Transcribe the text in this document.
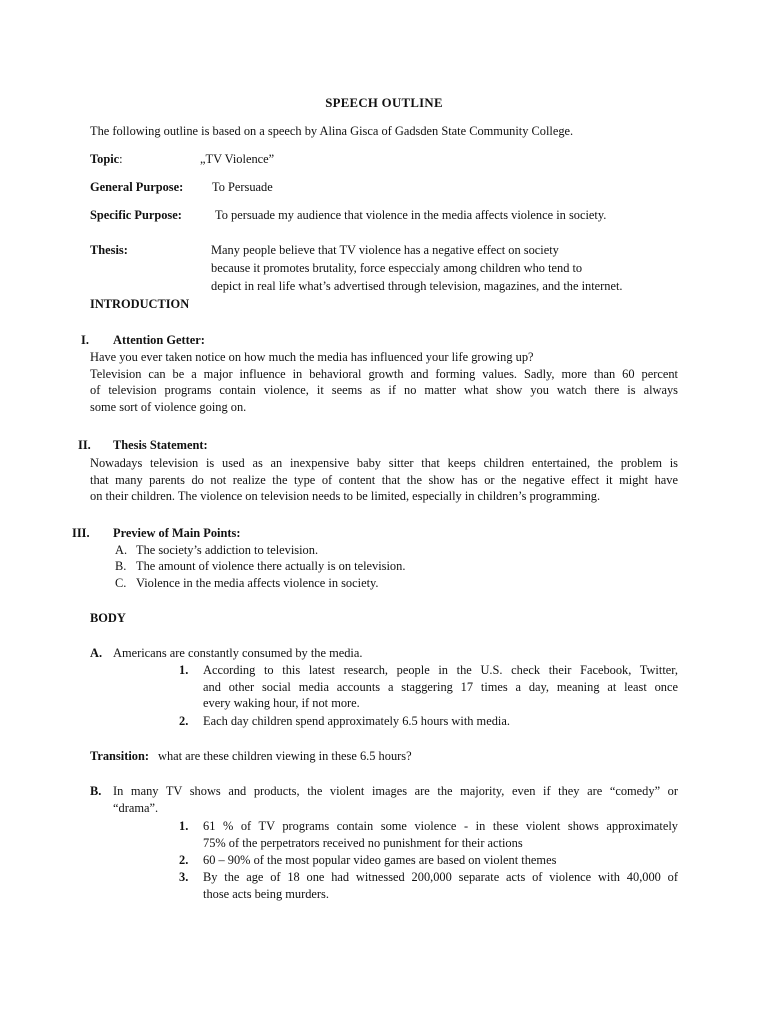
SPEECH OUTLINE
The following outline is based on a speech by Alina Gisca of Gadsden State Community College.
Topic:	„TV Violence”
General Purpose: To Persuade
Specific Purpose:	To persuade my audience that violence in the media affects violence in society.
Thesis:	Many people believe that TV violence has a negative effect on society
because it promotes brutality, force especcialy among children who tend to
depict in real life what’s advertised through television, magazines, and the internet.
INTRODUCTION
I. Attention Getter:
Have you ever taken notice on how much the media has influenced your life growing up?
Television can be a major influence in behavioral growth and forming values. Sadly, more than 60 percent
of television programs contain violence, it seems as if no matter what show you watch there is always
some sort of violence going on.
II. Thesis Statement:
Nowadays television is used as an inexpensive baby sitter that keeps children entertained, the problem is
that many parents do not realize the type of content that the show has or the negative effect it might have
on their children. The violence on television needs to be limited, especially in children’s programming.
III. Preview of Main Points:
A. The society’s addiction to television.
B. The amount of violence there actually is on television.
C. Violence in the media affects violence in society.
BODY
A. Americans are constantly consumed by the media.
1. According to this latest research, people in the U.S. check their Facebook, Twitter,
and other social media accounts a staggering 17 times a day, meaning at least once
every waking hour, if not more.
2. Each day children spend approximately 6.5 hours with media.
Transition: what are these children viewing in these 6.5 hours?
B. In many TV shows and products, the violent images are the majority, even if they are “comedy” or
“drama”.
1. 61 % of TV programs contain some violence - in these violent shows approximately
75% of the perpetrators received no punishment for their actions
2. 60 – 90% of the most popular video games are based on violent themes
3. By the age of 18 one had witnessed 200,000 separate acts of violence with 40,000 of
those acts being murders.
